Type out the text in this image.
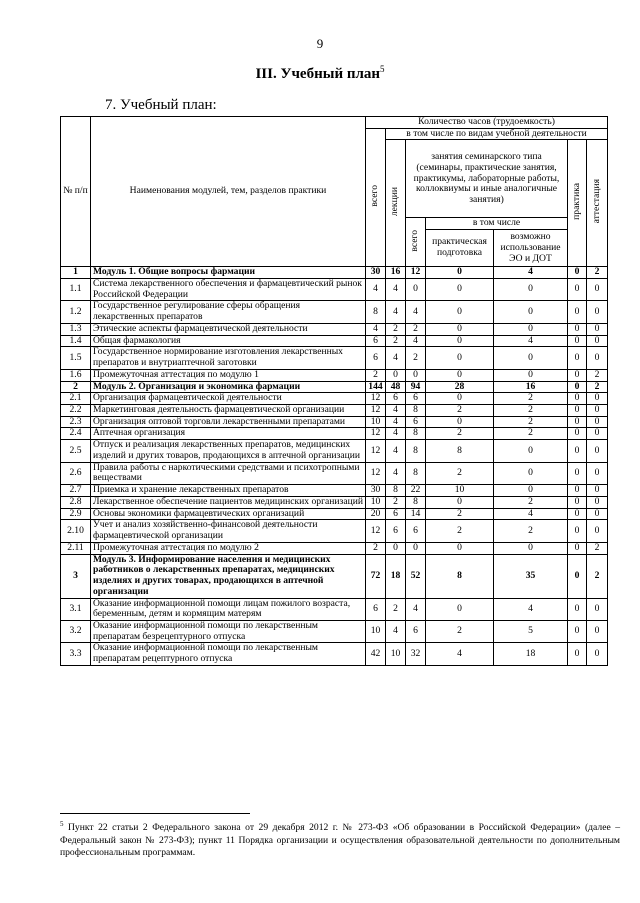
9
III. Учебный план$^5$
7. Учебный план:
№ п/п	Наименования модулей, тем, разделов практики	Количество часов (трудоемкость)						
		всего	в том числе по видам учебной деятельности					
			лекции	занятия семинарского типа (семинары, практические занятия, практикумы, лабораторные работы, коллоквиумы и иные аналогичные занятия)			практика	аттестация
				всего	в том числе			
					практическая подготовка	возможно использование ЭО и ДОТ		
1	Модуль 1. Общие вопросы фармации	30	16	12	0	4	0	2
1.1	Система лекарственного обеспечения и фармацевтический рынок Российской Федерации	4	4	0	0	0	0	0
1.2	Государственное регулирование сферы обращения лекарственных препаратов	8	4	4	0	0	0	0
1.3	Этические аспекты фармацевтической деятельности	4	2	2	0	0	0	0
1.4	Общая фармакология	6	2	4	0	4	0	0
1.5	Государственное нормирование изготовления лекарственных препаратов и внутриаптечной заготовки	6	4	2	0	0	0	0
1.6	Промежуточная аттестация по модулю 1	2	0	0	0	0	0	2
2	Модуль 2. Организация и экономика фармации	144	48	94	28	16	0	2
2.1	Организация фармацевтической деятельности	12	6	6	0	2	0	0
2.2	Маркетинговая деятельность фармацевтической организации	12	4	8	2	2	0	0
2.3	Организация оптовой торговли лекарственными препаратами	10	4	6	0	2	0	0
2.4	Аптечная организация	12	4	8	2	2	0	0
2.5	Отпуск и реализация лекарственных препаратов, медицинских изделий и других товаров, продающихся в аптечной организации	12	4	8	8	0	0	0
2.6	Правила работы с наркотическими средствами и психотропными веществами	12	4	8	2	0	0	0
2.7	Приемка и хранение лекарственных препаратов	30	8	22	10	0	0	0
2.8	Лекарственное обеспечение пациентов медицинских организаций	10	2	8	0	2	0	0
2.9	Основы экономики фармацевтических организаций	20	6	14	2	4	0	0
2.10	Учет и анализ хозяйственно-финансовой деятельности фармацевтической организации	12	6	6	2	2	0	0
2.11	Промежуточная аттестация по модулю 2	2	0	0	0	0	0	2
3	Модуль 3. Информирование населения и медицинских работников о лекарственных препаратах, медицинских изделиях и других товарах, продающихся в аптечной организации	72	18	52	8	35	0	2
3.1	Оказание информационной помощи лицам пожилого возраста, беременным, детям и кормящим матерям	6	2	4	0	4	0	0
3.2	Оказание информационной помощи по лекарственным препаратам безрецептурного отпуска	10	4	6	2	5	0	0
3.3	Оказание информационной помощи по лекарственным препаратам рецептурного отпуска	42	10	32	4	18	0	0
$^5$ Пункт 22 статьи 2 Федерального закона от 29 декабря 2012 г. № 273-ФЗ «Об образовании в Российской Федерации» (далее – Федеральный закон № 273-ФЗ); пункт 11 Порядка организации и осуществления образовательной деятельности по дополнительным профессиональным программам.
